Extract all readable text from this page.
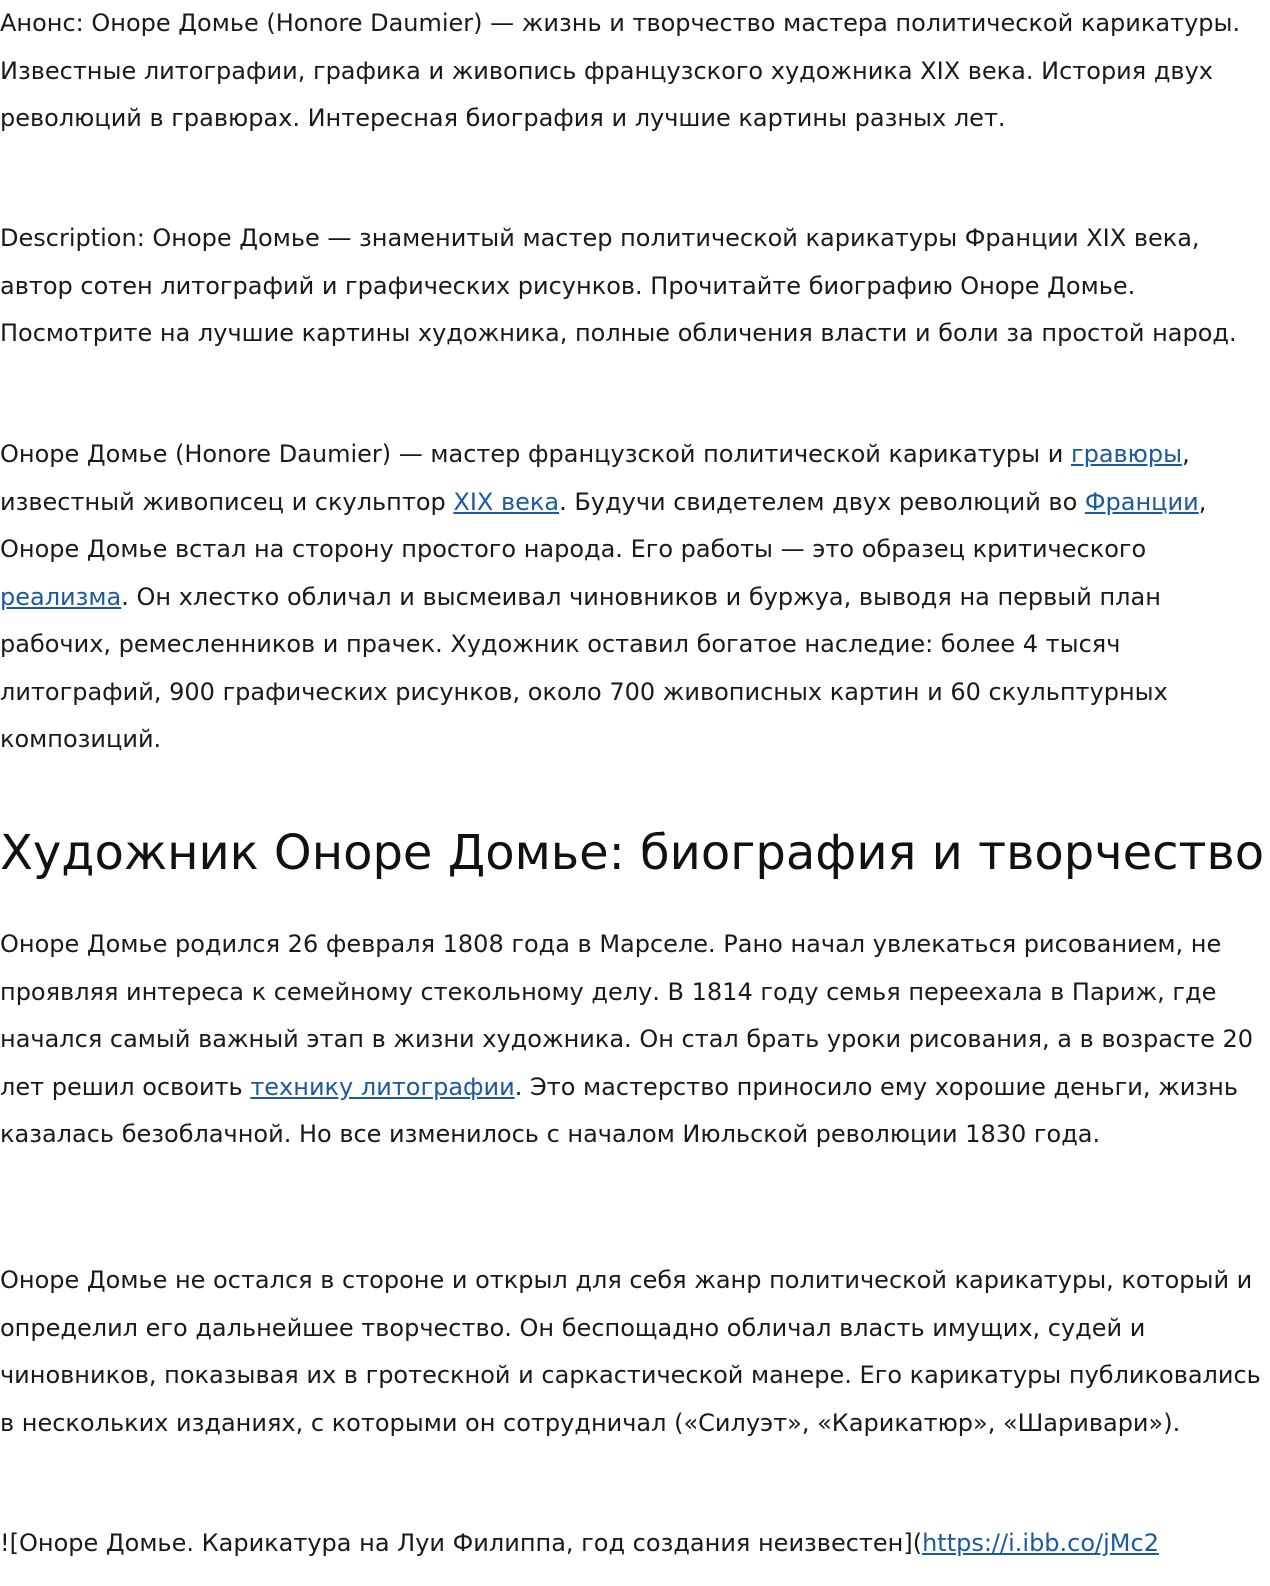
Анонс: Оноре Домье (Honore Daumier) — жизнь и творчество мастера политической карикатуры. Известные литографии, графика и живопись французского художника XIX века. История двух революций в гравюрах. Интересная биография и лучшие картины разных лет.

Description: Оноре Домье — знаменитый мастер политической карикатуры Франции XIX века, автор сотен литографий и графических рисунков. Прочитайте биографию Оноре Домье. Посмотрите на лучшие картины художника, полные обличения власти и боли за простой народ.

Оноре Домье (Honore Daumier) — мастер французской политической карикатуры и гравюры, известный живописец и скульптор XIX века. Будучи свидетелем двух революций во Франции, Оноре Домье встал на сторону простого народа. Его работы — это образец критического реализма. Он хлестко обличал и высмеивал чиновников и буржуа, выводя на первый план рабочих, ремесленников и прачек. Художник оставил богатое наследие: более 4 тысяч литографий, 900 графических рисунков, около 700 живописных картин и 60 скульптурных композиций.

Художник Оноре Домье: биография и творчество

Оноре Домье родился 26 февраля 1808 года в Марселе. Рано начал увлекаться рисованием, не проявляя интереса к семейному стекольному делу. В 1814 году семья переехала в Париж, где начался самый важный этап в жизни художника. Он стал брать уроки рисования, а в возрасте 20 лет решил освоить технику литографии. Это мастерство приносило ему хорошие деньги, жизнь казалась безоблачной. Но все изменилось с началом Июльской революции 1830 года.

Оноре Домье не остался в стороне и открыл для себя жанр политической карикатуры, который и определил его дальнейшее творчество. Он беспощадно обличал власть имущих, судей и чиновников, показывая их в гротескной и саркастической манере. Его карикатуры публиковались в нескольких изданиях, с которыми он сотрудничал («Силуэт», «Карикатюр», «Шаривари»).

![Оноре Домье. Карикатура на Луи Филиппа, год создания неизвестен](https://i.ibb.co/jMc2
